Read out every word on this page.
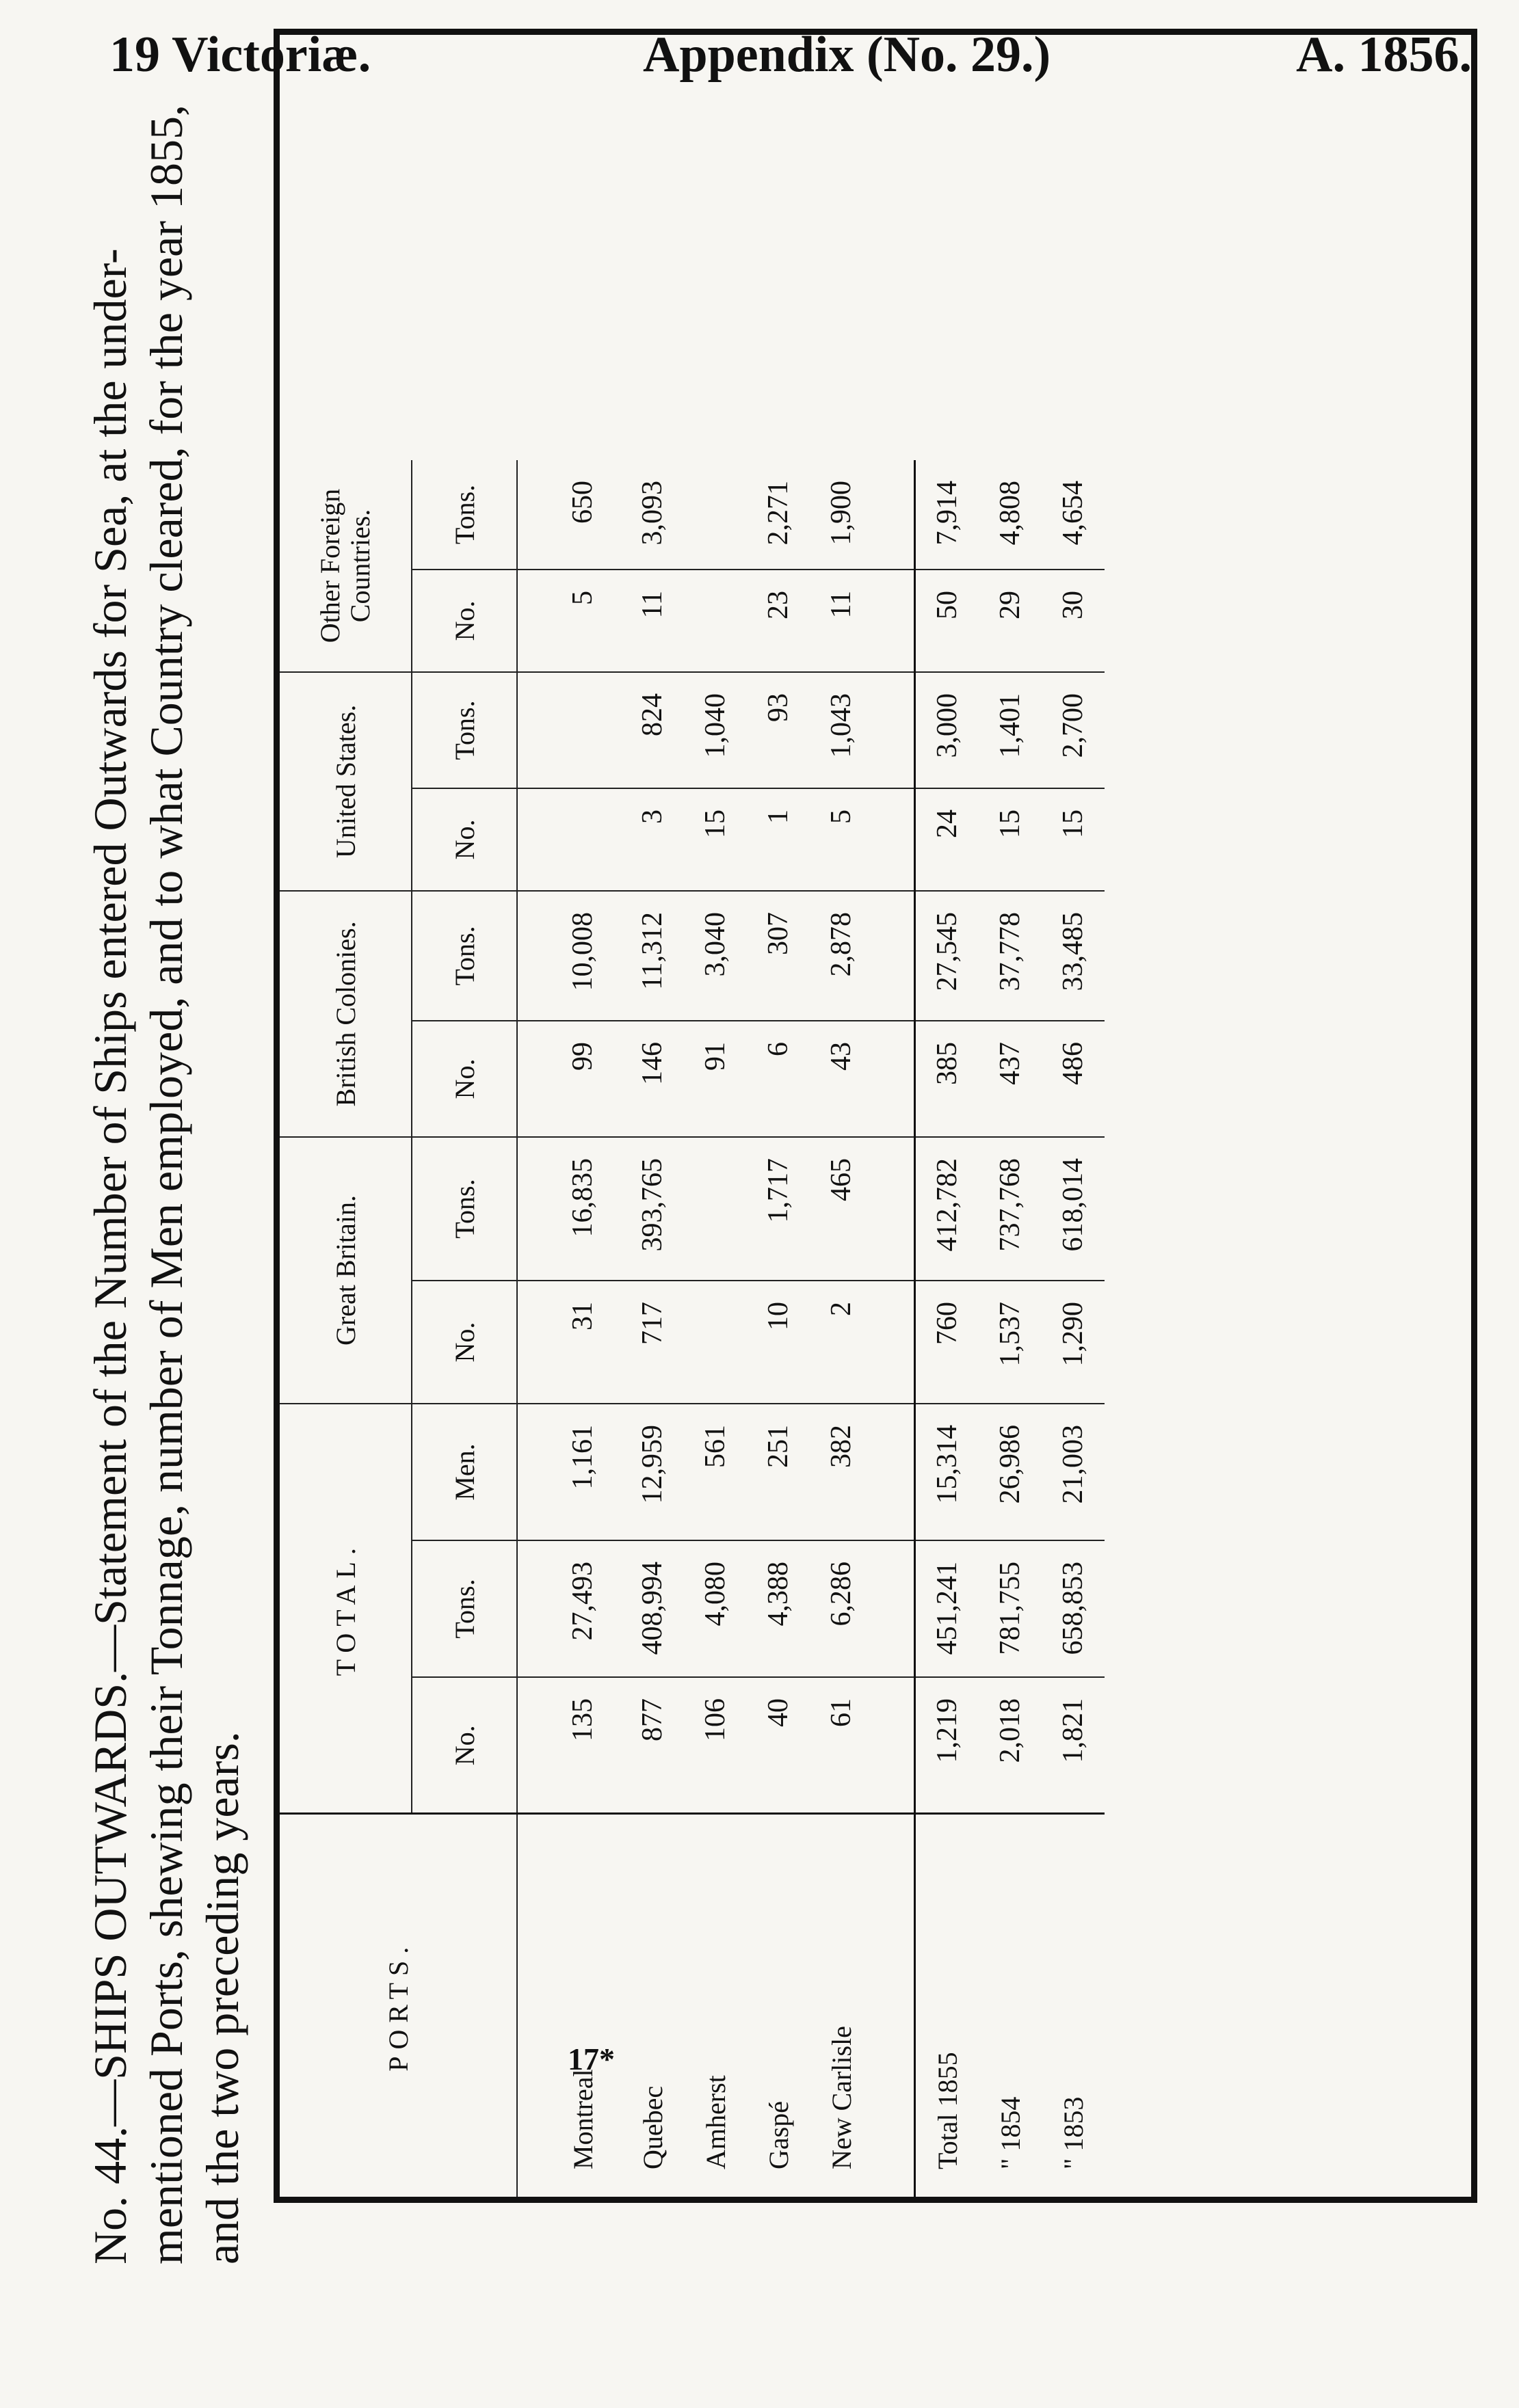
19 Victoriæ.	Appendix (No. 29.)	A. 1856.
No. 44.—SHIPS OUTWARDS.—Statement of the Number of Ships entered Outwards for Sea, at the under-mentioned Ports, shewing their Tonnage, number of Men employed, and to what Country cleared, for the year 1855, and the two preceding years.	PORTS.	TOTAL.			Great Britain.		British Colonies.		United States.		Other Foreign Countries.	
	No.	Tons.	Men.	No.	Tons.	No.	Tons.	No.	Tons.	No.	Tons.
Montreal	135	27,493	1,161	31	16,835	99	10,008			5	650
Quebec	877	408,994	12,959	717	393,765	146	11,312	3	824	11	3,093
Amherst	106	4,080	561			91	3,040	15	1,040		
Gaspé	40	4,388	251	10	1,717	6	307	1	93	23	2,271
New Carlisle	61	6,286	382	2	465	43	2,878	5	1,043	11	1,900

Total 1855	1,219	451,241	15,314	760	412,782	385	27,545	24	3,000	50	7,914
" 1854	2,018	781,755	26,986	1,537	737,768	437	37,778	15	1,401	29	4,808
" 1853	1,821	658,853	21,003	1,290	618,014	486	33,485	15	2,700	30	4,654
17*
